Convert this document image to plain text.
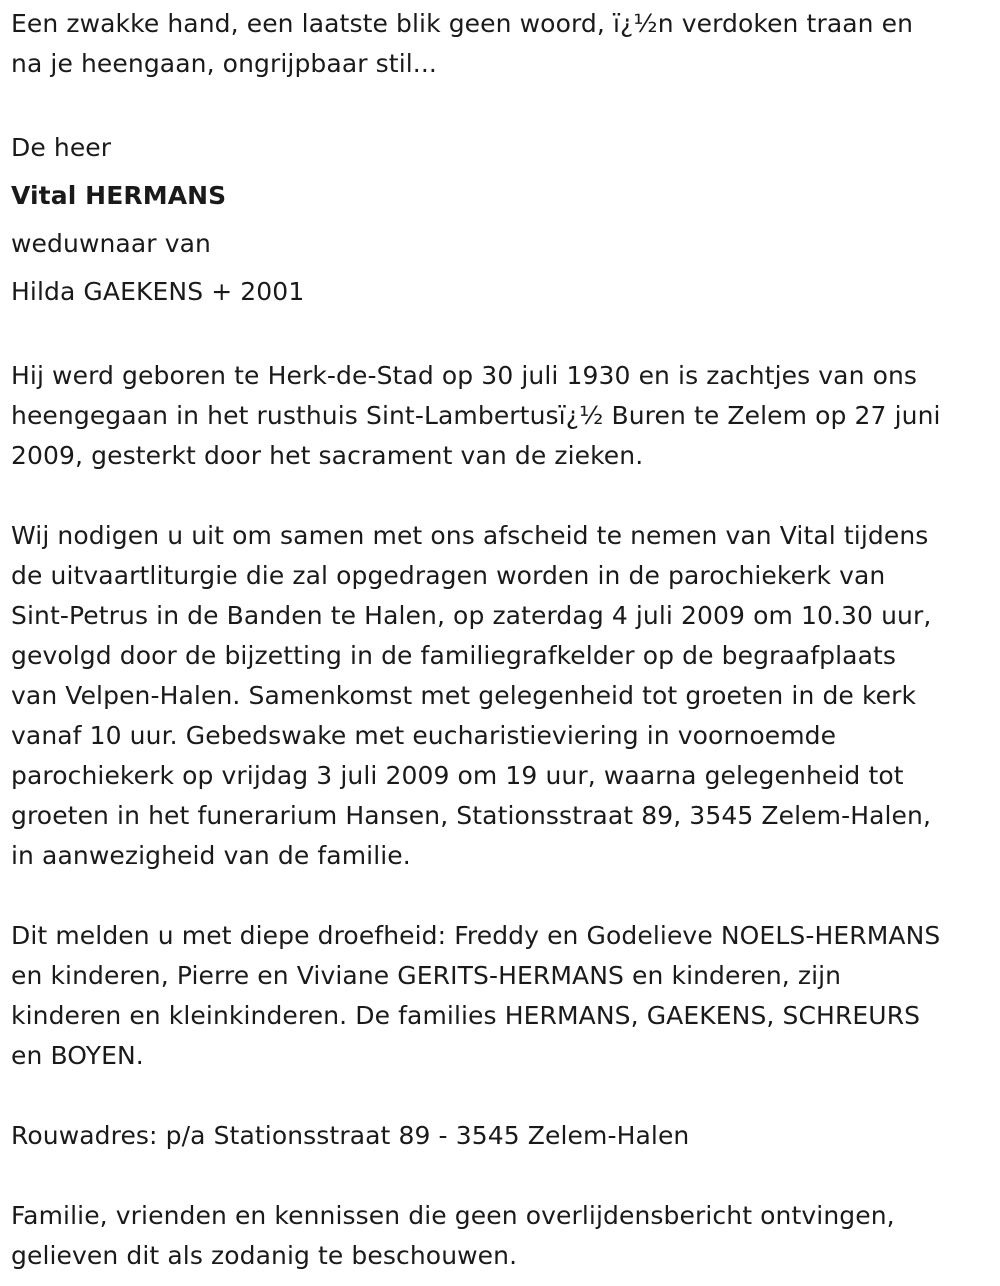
Een zwakke hand, een laatste blik geen woord, ï¿½n verdoken traan en
na je heengaan, ongrijpbaar stil...

De heer
Vital HERMANS
weduwnaar van
Hilda GAEKENS + 2001

Hij werd geboren te Herk-de-Stad op 30 juli 1930 en is zachtjes van ons
heengegaan in het rusthuis Sint-Lambertusï¿½ Buren te Zelem op 27 juni
2009, gesterkt door het sacrament van de zieken.

Wij nodigen u uit om samen met ons afscheid te nemen van Vital tijdens
de uitvaartliturgie die zal opgedragen worden in de parochiekerk van
Sint-Petrus in de Banden te Halen, op zaterdag 4 juli 2009 om 10.30 uur,
gevolgd door de bijzetting in de familiegrafkelder op de begraafplaats
van Velpen-Halen. Samenkomst met gelegenheid tot groeten in de kerk
vanaf 10 uur. Gebedswake met eucharistieviering in voornoemde
parochiekerk op vrijdag 3 juli 2009 om 19 uur, waarna gelegenheid tot
groeten in het funerarium Hansen, Stationsstraat 89, 3545 Zelem-Halen,
in aanwezigheid van de familie.

Dit melden u met diepe droefheid: Freddy en Godelieve NOELS-HERMANS
en kinderen, Pierre en Viviane GERITS-HERMANS en kinderen, zijn
kinderen en kleinkinderen. De families HERMANS, GAEKENS, SCHREURS
en BOYEN.

Rouwadres: p/a Stationsstraat 89 - 3545 Zelem-Halen

Familie, vrienden en kennissen die geen overlijdensbericht ontvingen,
gelieven dit als zodanig te beschouwen.
